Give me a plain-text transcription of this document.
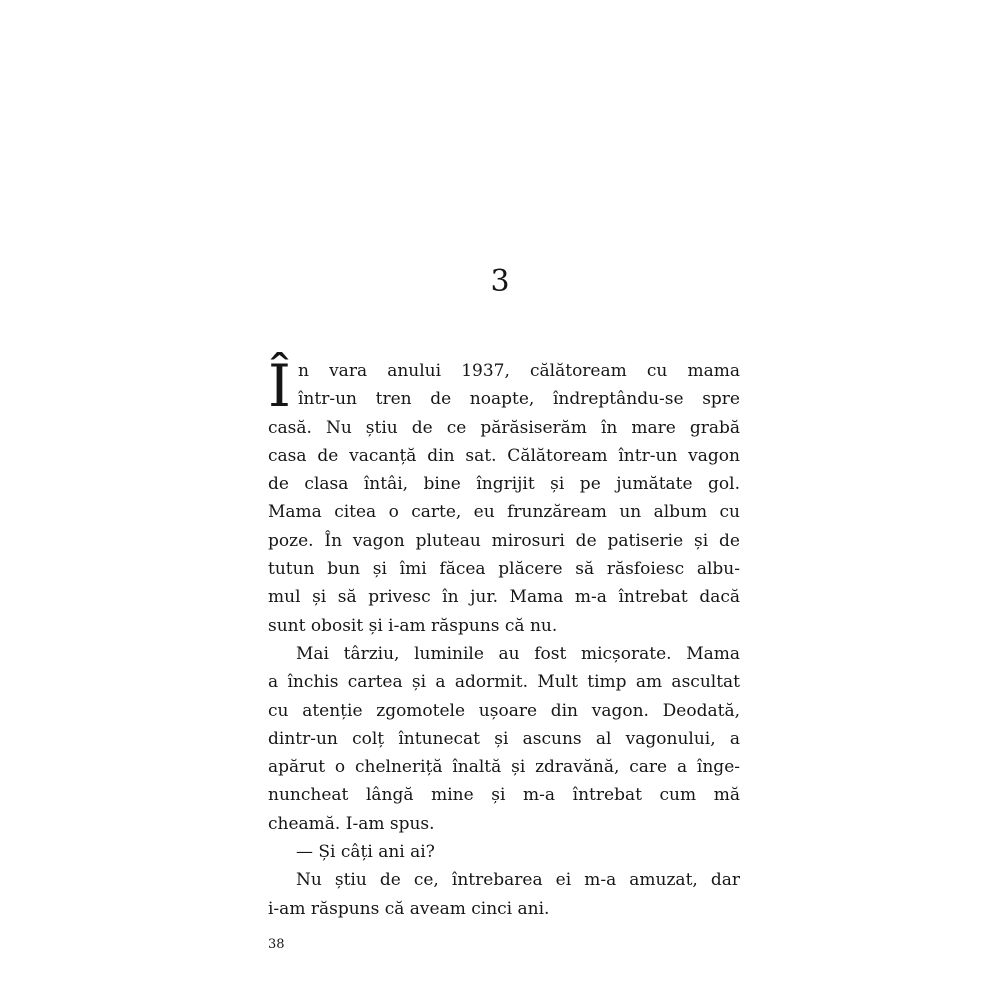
3
Î n vara anului 1937, călătoream cu mama
într-un tren de noapte, îndreptându-se spre
casă. Nu știu de ce părăsiserăm în mare grabă
casa de vacanță din sat. Călătoream într-un vagon
de clasa întâi, bine îngrijit și pe jumătate gol.
Mama citea o carte, eu frunzăream un album cu
poze. În vagon pluteau mirosuri de patiserie și de
tutun bun și îmi făcea plăcere să răsfoiesc albu-
mul și să privesc în jur. Mama m-a întrebat dacă
sunt obosit și i-am răspuns că nu.
Mai târziu, luminile au fost micșorate. Mama
a închis cartea și a adormit. Mult timp am ascultat
cu atenție zgomotele ușoare din vagon. Deodată,
dintr-un colț întunecat și ascuns al vagonului, a
apărut o chelneriță înaltă și zdravănă, care a înge-
nuncheat lângă mine și m-a întrebat cum mă
cheamă. I-am spus.
— Și câți ani ai?
Nu știu de ce, întrebarea ei m-a amuzat, dar
i-am răspuns că aveam cinci ani.
38
